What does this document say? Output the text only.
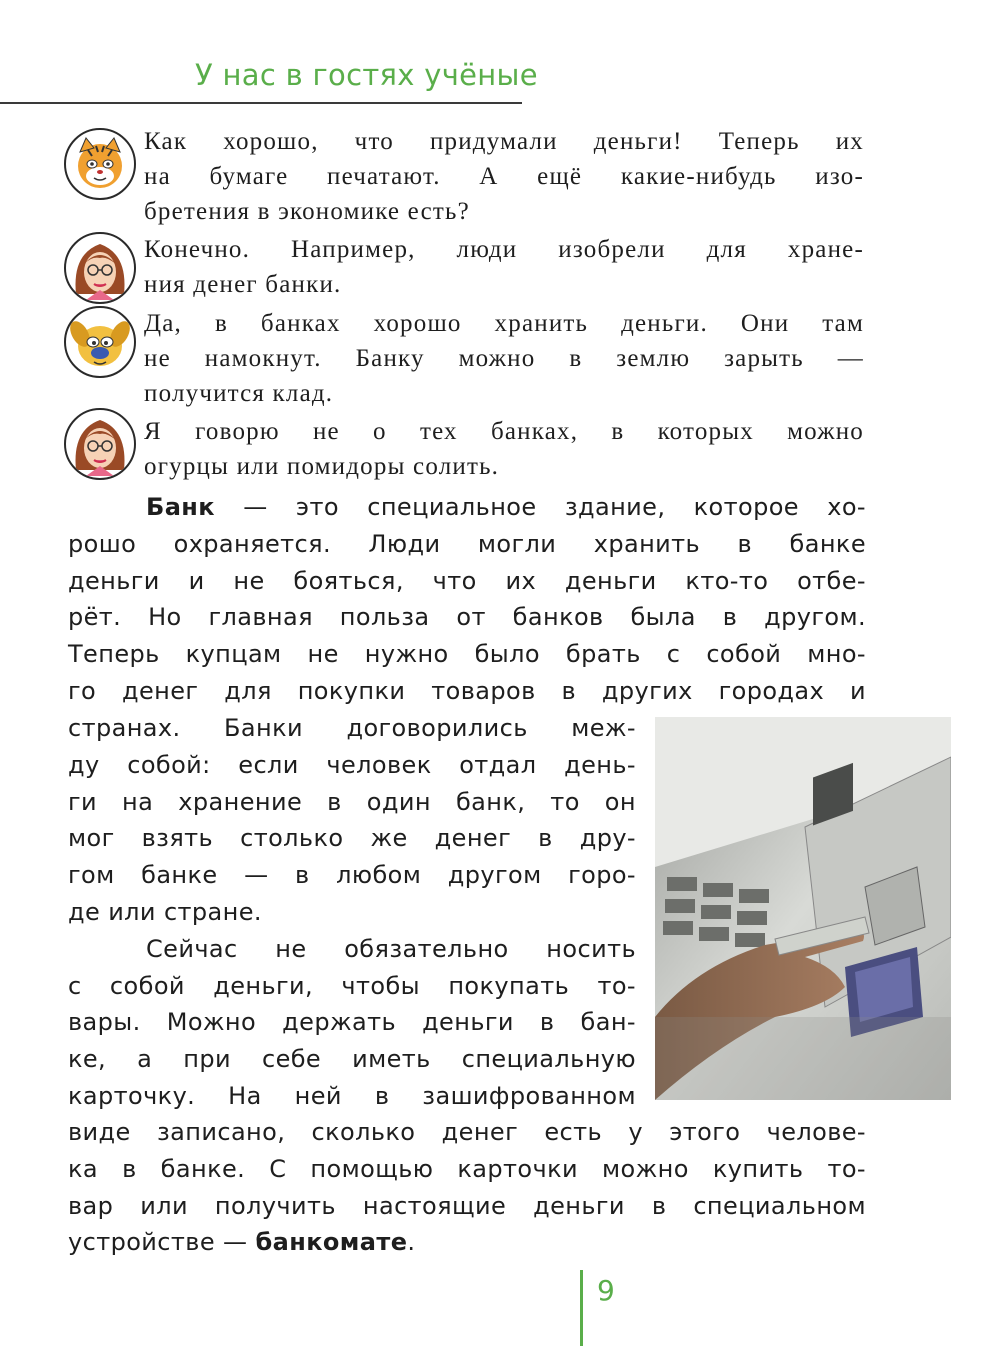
У нас в гостях учёные
Как хорошо, что придумали деньги! Теперь их
на бумаге печатают. А ещё какие-нибудь изо-
бретения в экономике есть?
Конечно. Например, люди изобрели для хране-
ния денег банки.
Да, в банках хорошо хранить деньги. Они там
не намокнут. Банку можно в землю зарыть —
получится клад.
Я говорю не о тех банках, в которых можно
огурцы или помидоры солить.
Банк — это специальное здание, которое хо-
рошо охраняется. Люди могли хранить в банке
деньги и не бояться, что их деньги кто-то отбе-
рёт. Но главная польза от банков была в другом.
Теперь купцам не нужно было брать с собой мно-
го денег для покупки товаров в других городах и
странах. Банки договорились меж-
ду собой: если человек отдал день-
ги на хранение в один банк, то он
мог взять столько же денег в дру-
гом банке — в любом другом горо-
де или стране.
Сейчас не обязательно носить
с собой деньги, чтобы покупать то-
вары. Можно держать деньги в бан-
ке, а при себе иметь специальную
карточку. На ней в зашифрованном
виде записано, сколько денег есть у этого челове-
ка в банке. С помощью карточки можно купить то-
вар или получить настоящие деньги в специальном
устройстве — банкомате.
9
